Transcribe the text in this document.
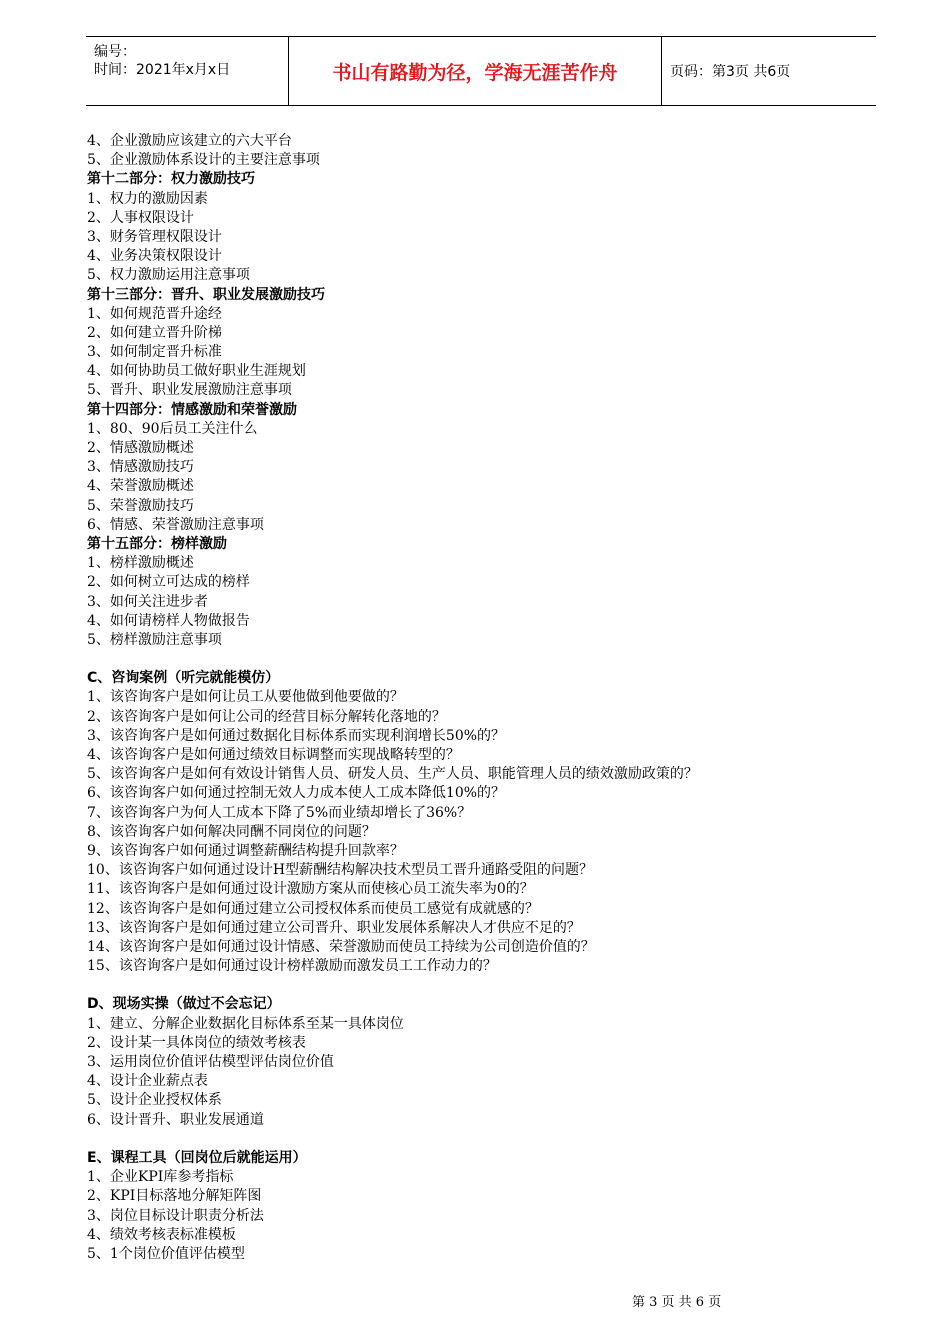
编号：
时间：2021年x月x日	书山有路勤为径，学海无涯苦作舟	页码：第3页 共6页
4、企业激励应该建立的六大平台
5、企业激励体系设计的主要注意事项
第十二部分：权力激励技巧
1、权力的激励因素
2、人事权限设计
3、财务管理权限设计
4、业务决策权限设计
5、权力激励运用注意事项
第十三部分：晋升、职业发展激励技巧
1、如何规范晋升途经
2、如何建立晋升阶梯
3、如何制定晋升标准
4、如何协助员工做好职业生涯规划
5、晋升、职业发展激励注意事项
第十四部分：情感激励和荣誉激励
1、80、90后员工关注什么
2、情感激励概述
3、情感激励技巧
4、荣誉激励概述
5、荣誉激励技巧
6、情感、荣誉激励注意事项
第十五部分：榜样激励
1、榜样激励概述
2、如何树立可达成的榜样
3、如何关注进步者
4、如何请榜样人物做报告
5、榜样激励注意事项
C、咨询案例（听完就能模仿）
1、该咨询客户是如何让员工从要他做到他要做的？
2、该咨询客户是如何让公司的经营目标分解转化落地的？
3、该咨询客户是如何通过数据化目标体系而实现利润增长50%的？
4、该咨询客户是如何通过绩效目标调整而实现战略转型的？
5、该咨询客户是如何有效设计销售人员、研发人员、生产人员、职能管理人员的绩效激励政策的？
6、该咨询客户如何通过控制无效人力成本使人工成本降低10%的？
7、该咨询客户为何人工成本下降了5%而业绩却增长了36%？
8、该咨询客户如何解决同酬不同岗位的问题？
9、该咨询客户如何通过调整薪酬结构提升回款率？
10、该咨询客户如何通过设计H型薪酬结构解决技术型员工晋升通路受阻的问题？
11、该咨询客户是如何通过设计激励方案从而使核心员工流失率为0的？
12、该咨询客户是如何通过建立公司授权体系而使员工感觉有成就感的？
13、该咨询客户是如何通过建立公司晋升、职业发展体系解决人才供应不足的？
14、该咨询客户是如何通过设计情感、荣誉激励而使员工持续为公司创造价值的？
15、该咨询客户是如何通过设计榜样激励而激发员工工作动力的？
D、现场实操（做过不会忘记）
1、建立、分解企业数据化目标体系至某一具体岗位
2、设计某一具体岗位的绩效考核表
3、运用岗位价值评估模型评估岗位价值
4、设计企业薪点表
5、设计企业授权体系
6、设计晋升、职业发展通道
E、课程工具（回岗位后就能运用）
1、企业KPI库参考指标
2、KPI目标落地分解矩阵图
3、岗位目标设计职责分析法
4、绩效考核表标准模板
5、1个岗位价值评估模型
第 3 页 共 6 页
